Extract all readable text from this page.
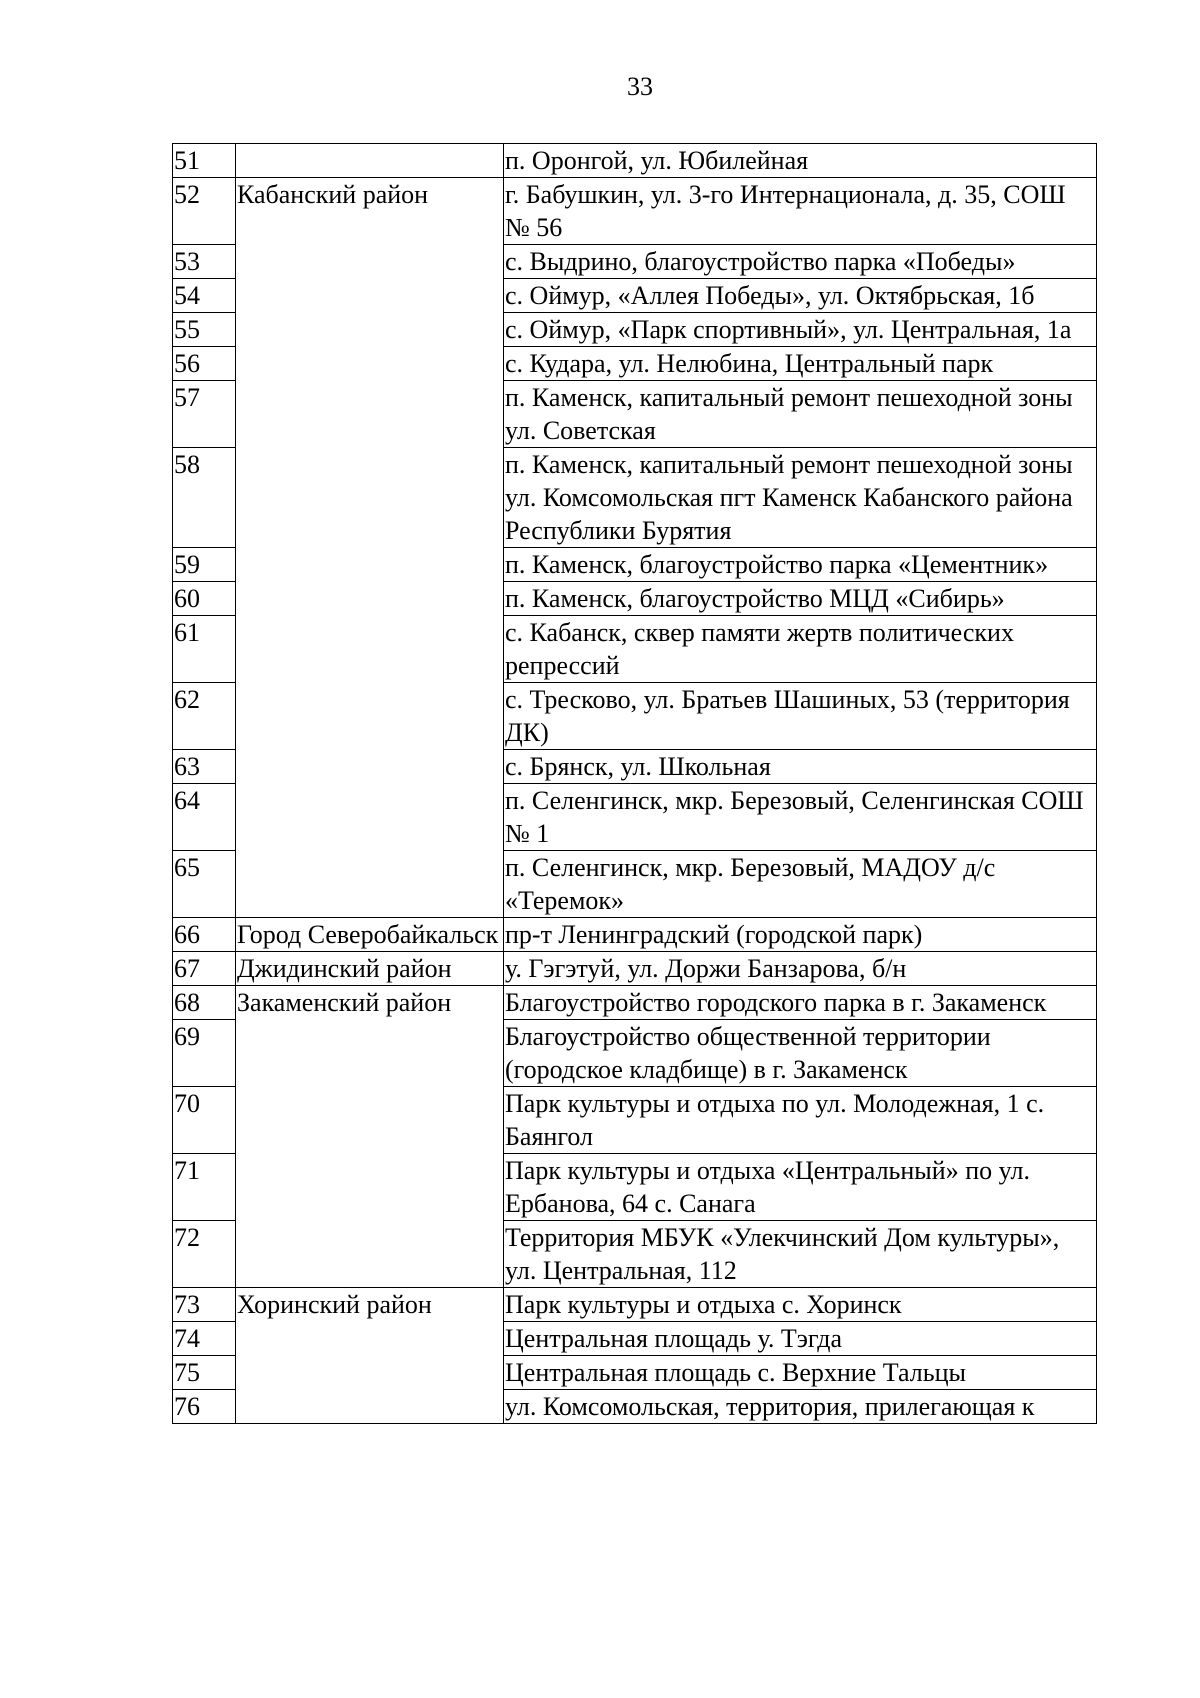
33
51		п. Оронгой, ул. Юбилейная
52	Кабанский район	г. Бабушкин, ул. 3-го Интернационала, д. 35, СОШ № 56
53		с. Выдрино, благоустройство парка «Победы»
54		с. Оймур, «Аллея Победы», ул. Октябрьская, 1б
55		с. Оймур, «Парк спортивный», ул. Центральная, 1а
56		с. Кудара, ул. Нелюбина, Центральный парк
57		п. Каменск, капитальный ремонт пешеходной зоны ул. Советская
58		п. Каменск, капитальный ремонт пешеходной зоны ул. Комсомольская пгт Каменск Кабанского района Республики Бурятия
59		п. Каменск, благоустройство парка «Цементник»
60		п. Каменск, благоустройство МЦД «Сибирь»
61		с. Кабанск, сквер памяти жертв политических репрессий
62		с. Тресково, ул. Братьев Шашиных, 53 (территория ДК)
63		с. Брянск, ул. Школьная
64		п. Селенгинск, мкр. Березовый, Селенгинская СОШ № 1
65		п. Селенгинск, мкр. Березовый, МАДОУ д/с «Теремок»
66	Город Северобайкальск	пр-т Ленинградский (городской парк)
67	Джидинский район	у. Гэгэтуй, ул. Доржи Банзарова, б/н
68	Закаменский район	Благоустройство городского парка в г. Закаменск
69		Благоустройство общественной территории (городское кладбище) в г. Закаменск
70		Парк культуры и отдыха по ул. Молодежная, 1 с. Баянгол
71		Парк культуры и отдыха «Центральный» по ул. Ербанова, 64 с. Санага
72		Территория МБУК «Улекчинский Дом культуры», ул. Центральная, 112
73	Хоринский район	Парк культуры и отдыха с. Хоринск
74		Центральная площадь у. Тэгда
75		Центральная площадь с. Верхние Тальцы
76		ул. Комсомольская, территория, прилегающая к
